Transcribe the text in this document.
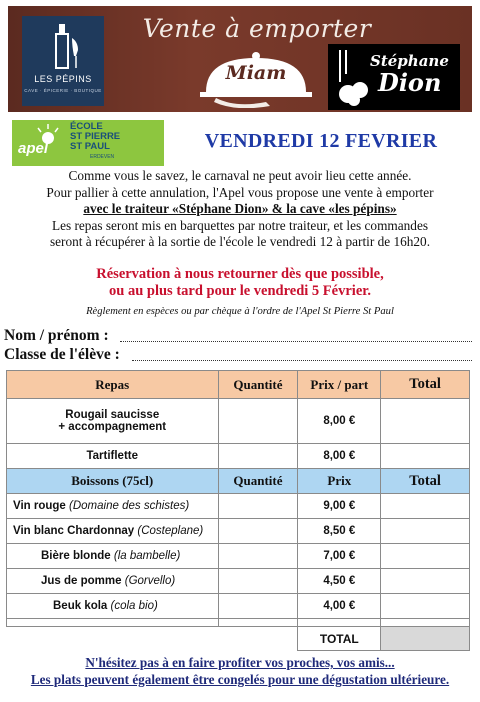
LES PÉPINS
CAVE · ÉPICERIE · BOUTIQUE
Vente à emporter
Miam
Stéphane
Dion
apel
ÉCOLE
ST PIERRE
ST PAUL
ERDEVEN
VENDREDI 12 FEVRIER
Comme vous le savez, le carnaval ne peut avoir lieu cette année.
Pour pallier à cette annulation, l'Apel vous propose une vente à emporter
avec le traiteur «Stéphane Dion» & la cave «les pépins»
Les repas seront mis en barquettes par notre traiteur, et les commandes
seront à récupérer à la sortie de l'école le vendredi 12 à partir de 16h20.
Réservation à nous retourner dès que possible,
ou au plus tard pour le vendredi 5 Février.
Règlement en espèces ou par chèque à l'ordre de l'Apel St Pierre St Paul
Nom / prénom :
Classe de l'élève :
Repas	Quantité	Prix / part	Total

Rougail saucisse
+ accompagnement		8,00 €	
Tartiflette		8,00 €	
Boissons (75cl)	Quantité	Prix	Total
Vin rouge (Domaine des schistes)		9,00 €	
Vin blanc Chardonnay (Costeplane)		8,50 €	
Bière blonde (la bambelle)		7,00 €	
Jus de pomme (Gorvello)		4,50 €	
Beuk kola (cola bio)		4,00 €	

		TOTAL	
N'hésitez pas à en faire profiter vos proches, vos amis...
Les plats peuvent également être congelés pour une dégustation ultérieure.
